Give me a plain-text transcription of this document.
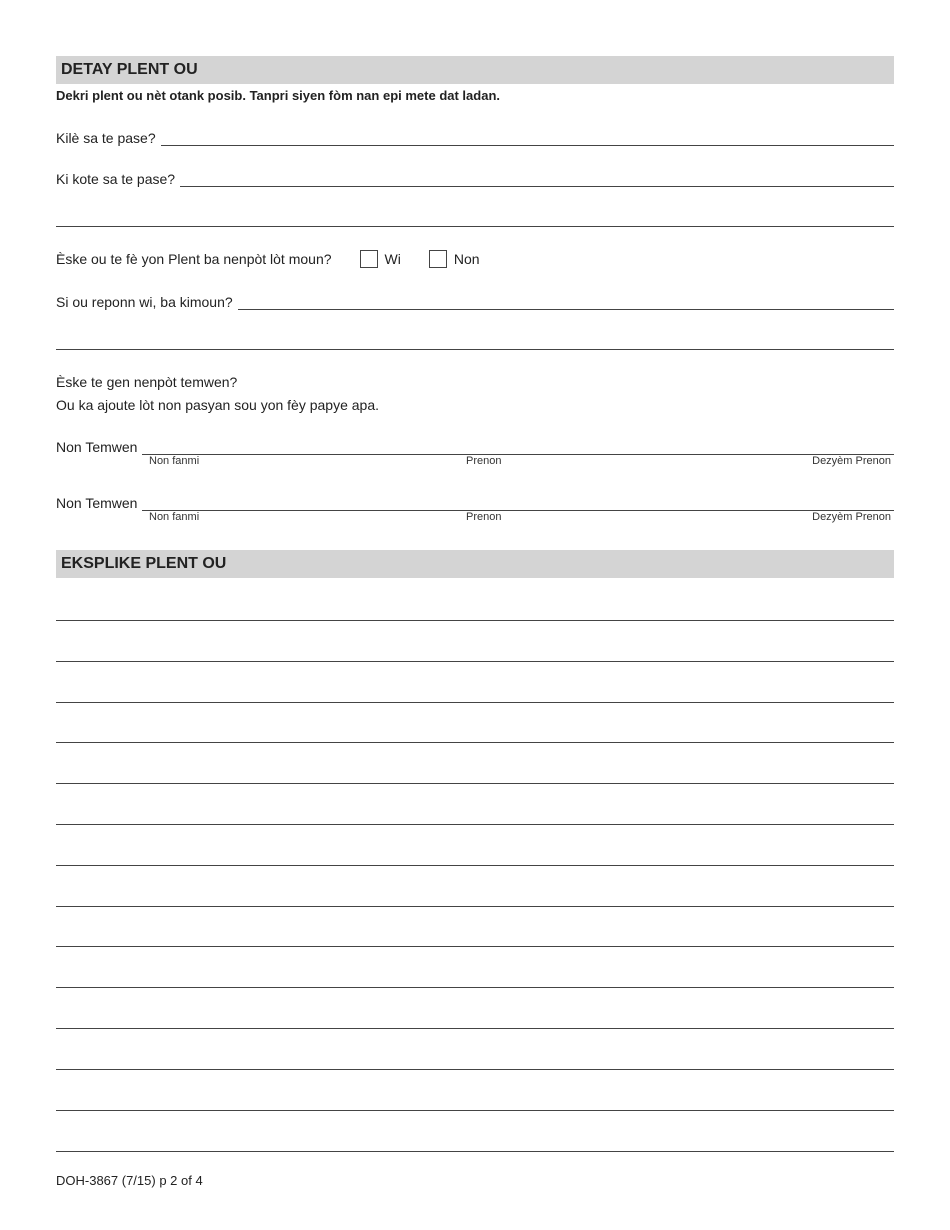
DETAY PLENT OU
Dekri plent ou nèt otank posib. Tanpri siyen fòm nan epi mete dat ladan.
Kilè sa te pase?
Ki kote sa te pase?
Èske ou te fè yon Plent ba nenpòt lòt moun?	Wi	Non
Si ou reponn wi, ba kimoun?
Èske te gen nenpòt temwen?
Ou ka ajoute lòt non pasyan sou yon fèy papye apa.
Non Temwen
Non fanmi	Prenon	Dezyèm Prenon
Non Temwen
Non fanmi	Prenon	Dezyèm Prenon
EKSPLIKE PLENT OU
DOH-3867 (7/15) p 2 of 4
